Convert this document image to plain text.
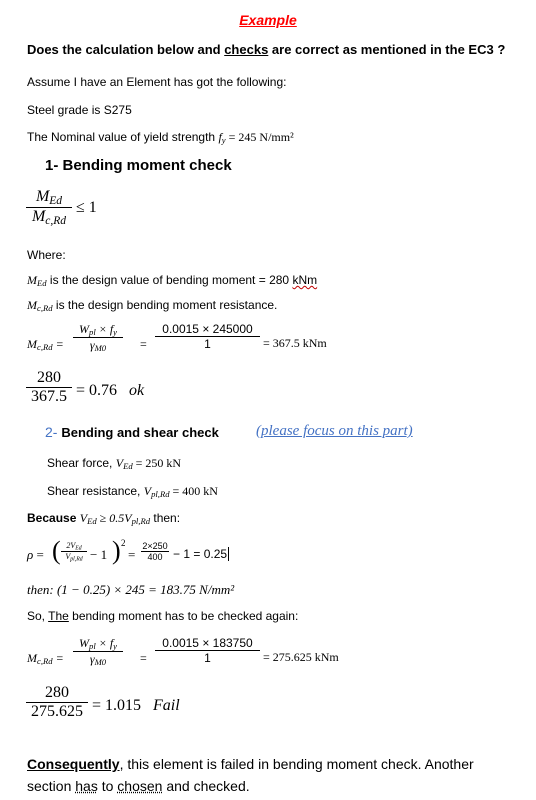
Example
Does the calculation below and checks are correct as mentioned in the EC3 ?
Assume I have an Element has got the following:
Steel grade is S275
The Nominal value of yield strength $f_y = 245$ N/mm²
1- Bending moment check
$M_{Ed}$
$M_{c,Rd}$
≤ 1
Where:
$M_{Ed}$ is the design value of bending moment = 280 kNm
$M_{c,Rd}$ is the design bending moment resistance.
$M_{c,Rd}$ =
$W_{pl} \times f_y$
$\gamma_{M0}$	=
0.0015 × 245000
1	= 367.5 kNm
280
367.5 = 0.76 ok
2- Bending and shear check (please focus on this part)
Shear force, $V_{Ed} = 250$ kN
Shear resistance, $V_{pl,Rd} = 400$ kN
Because $V_{Ed} \ge 0.5V_{pl,Rd}$ then:
ρ = ( $2V_{Ed}$
$V_{pl,Rd} - 1$ ) 2
=
2×250
400 − 1 = 0.25
then: (1 − 0.25) × 245 = 183.75 N/mm²
So, The bending moment has to be checked again:
$M_{c,Rd}$ =
$W_{pl} \times f_y$
$\gamma_{M0}$	=
0.0015 × 183750
1	= 275.625 kNm
280
275.625 = 1.015 Fail
Consequently, this element is failed in bending moment check. Another
section has to chosen and checked.
